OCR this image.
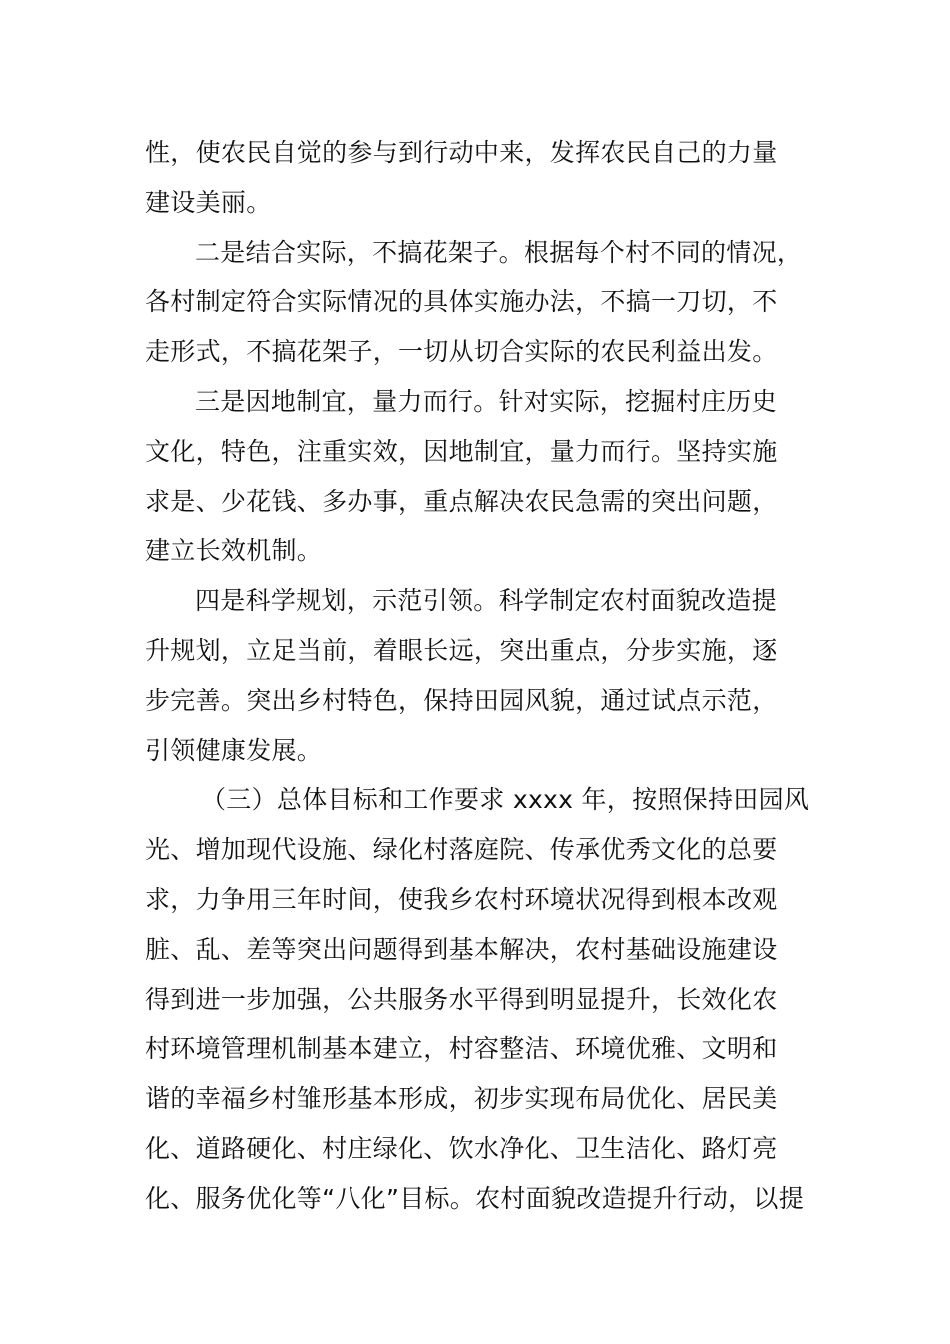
性，使农民自觉的参与到行动中来，发挥农民自己的力量
建设美丽。
二是结合实际，不搞花架子。根据每个村不同的情况，
各村制定符合实际情况的具体实施办法，不搞一刀切，不
走形式，不搞花架子，一切从切合实际的农民利益出发。
三是因地制宜，量力而行。针对实际，挖掘村庄历史
文化，特色，注重实效，因地制宜，量力而行。坚持实施
求是、少花钱、多办事，重点解决农民急需的突出问题，
建立长效机制。
四是科学规划，示范引领。科学制定农村面貌改造提
升规划，立足当前，着眼长远，突出重点，分步实施，逐
步完善。突出乡村特色，保持田园风貌，通过试点示范，
引领健康发展。
（三）总体目标和工作要求 xxxx 年，按照保持田园风
光、增加现代设施、绿化村落庭院、传承优秀文化的总要
求，力争用三年时间，使我乡农村环境状况得到根本改观
脏、乱、差等突出问题得到基本解决，农村基础设施建设
得到进一步加强，公共服务水平得到明显提升，长效化农
村环境管理机制基本建立，村容整洁、环境优雅、文明和
谐的幸福乡村雏形基本形成，初步实现布局优化、居民美
化、道路硬化、村庄绿化、饮水净化、卫生洁化、路灯亮
化、服务优化等“八化”目标。农村面貌改造提升行动，以提
